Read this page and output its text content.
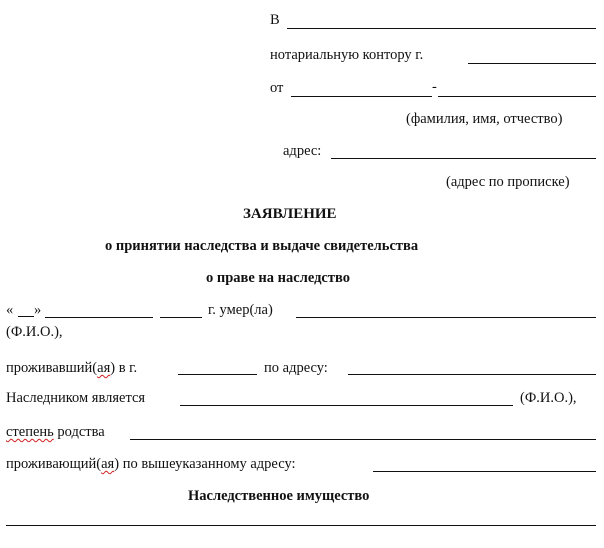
В
нотариальную контору г.
от	-
(фамилия, имя, отчество)
адрес:
(адрес по прописке)
ЗАЯВЛЕНИЕ
о принятии наследства и выдаче свидетельства
о праве на наследство
« »	г. умер(ла)
(Ф.И.О.),
проживавший(ая) в г.	по адресу:
Наследником является	(Ф.И.О.),
степень родства
проживающий(ая) по вышеуказанному адресу:
Наследственное имущество
